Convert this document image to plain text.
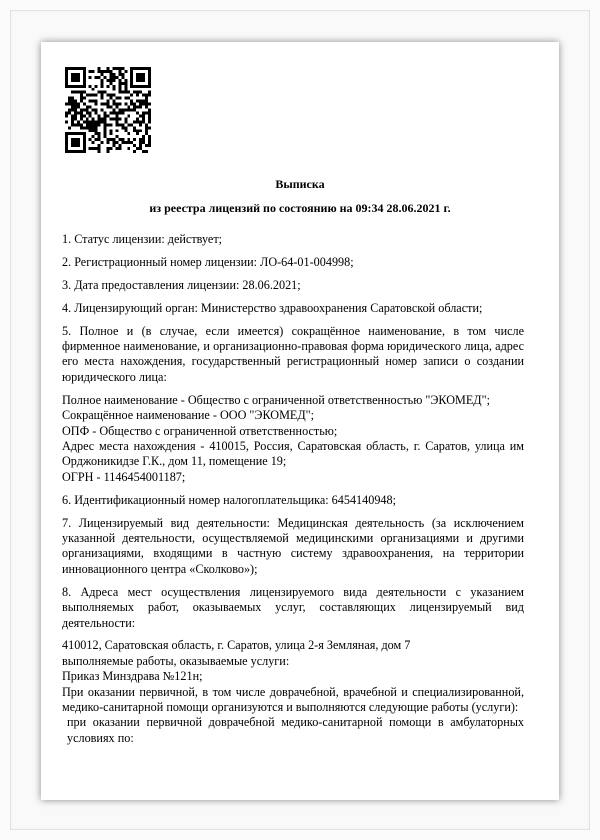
Выписка
из реестра лицензий по состоянию на 09:34 28.06.2021 г.

1. Статус лицензии: действует;

2. Регистрационный номер лицензии: ЛО-64-01-004998;

3. Дата предоставления лицензии: 28.06.2021;

4. Лицензирующий орган: Министерство здравоохранения Саратовской области;

5. Полное и (в случае, если имеется) сокращённое наименование, в том числе фирменное наименование, и организационно-правовая форма юридического лица, адрес его места нахождения, государственный регистрационный номер записи о создании юридического лица:

Полное наименование - Общество с ограниченной ответственностью "ЭКОМЕД";
Сокращённое наименование - ООО "ЭКОМЕД";
ОПФ - Общество с ограниченной ответственностью;
Адрес места нахождения - 410015, Россия, Саратовская область, г. Саратов, улица им Орджоникидзе Г.К., дом 11, помещение 19;
ОГРН - 1146454001187;

6. Идентификационный номер налогоплательщика: 6454140948;

7. Лицензируемый вид деятельности: Медицинская деятельность (за исключением указанной деятельности, осуществляемой медицинскими организациями и другими организациями, входящими в частную систему здравоохранения, на территории инновационного центра «Сколково»);

8. Адреса мест осуществления лицензируемого вида деятельности с указанием выполняемых работ, оказываемых услуг, составляющих лицензируемый вид деятельности:

410012, Саратовская область, г. Саратов, улица 2-я Земляная, дом 7
выполняемые работы, оказываемые услуги:
Приказ Минздрава №121н;
При оказании первичной, в том числе доврачебной, врачебной и специализированной, медико-санитарной помощи организуются и выполняются следующие работы (услуги):
при оказании первичной доврачебной медико-санитарной помощи в амбулаторных условиях по:
